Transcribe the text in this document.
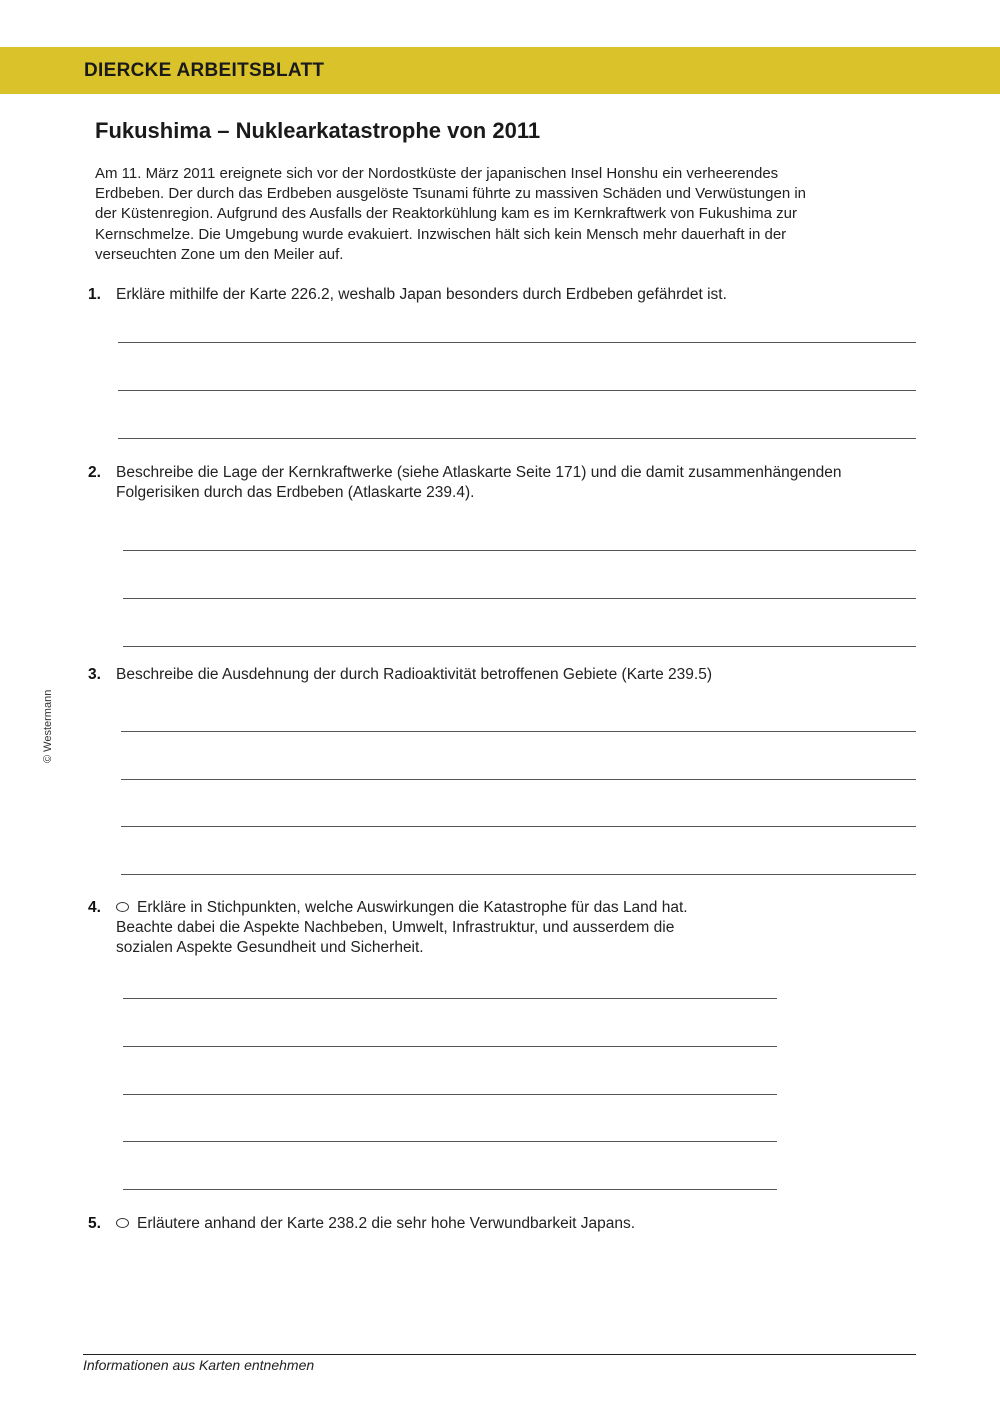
DIERCKE ARBEITSBLATT
Fukushima – Nuklearkatastrophe von 2011
Am 11. März 2011 ereignete sich vor der Nordostküste der japanischen Insel Honshu ein verheerendes
Erdbeben. Der durch das Erdbeben ausgelöste Tsunami führte zu massiven Schäden und Verwüstungen in
der Küstenregion. Aufgrund des Ausfalls der Reaktorkühlung kam es im Kernkraftwerk von Fukushima zur
Kernschmelze. Die Umgebung wurde evakuiert. Inzwischen hält sich kein Mensch mehr dauerhaft in der
verseuchten Zone um den Meiler auf.
1. Erkläre mithilfe der Karte 226.2, weshalb Japan besonders durch Erdbeben gefährdet ist.
2. Beschreibe die Lage der Kernkraftwerke (siehe Atlaskarte Seite 171) und die damit zusammenhängenden
Folgerisiken durch das Erdbeben (Atlaskarte 239.4).
3. Beschreibe die Ausdehnung der durch Radioaktivität betroffenen Gebiete (Karte 239.5)
4.	Erkläre in Stichpunkten, welche Auswirkungen die Katastrophe für das Land hat.
Beachte dabei die Aspekte Nachbeben, Umwelt, Infrastruktur, und ausserdem die
sozialen Aspekte Gesundheit und Sicherheit.
5.	Erläutere anhand der Karte 238.2 die sehr hohe Verwundbarkeit Japans.
Informationen aus Karten entnehmen
© Westermann
